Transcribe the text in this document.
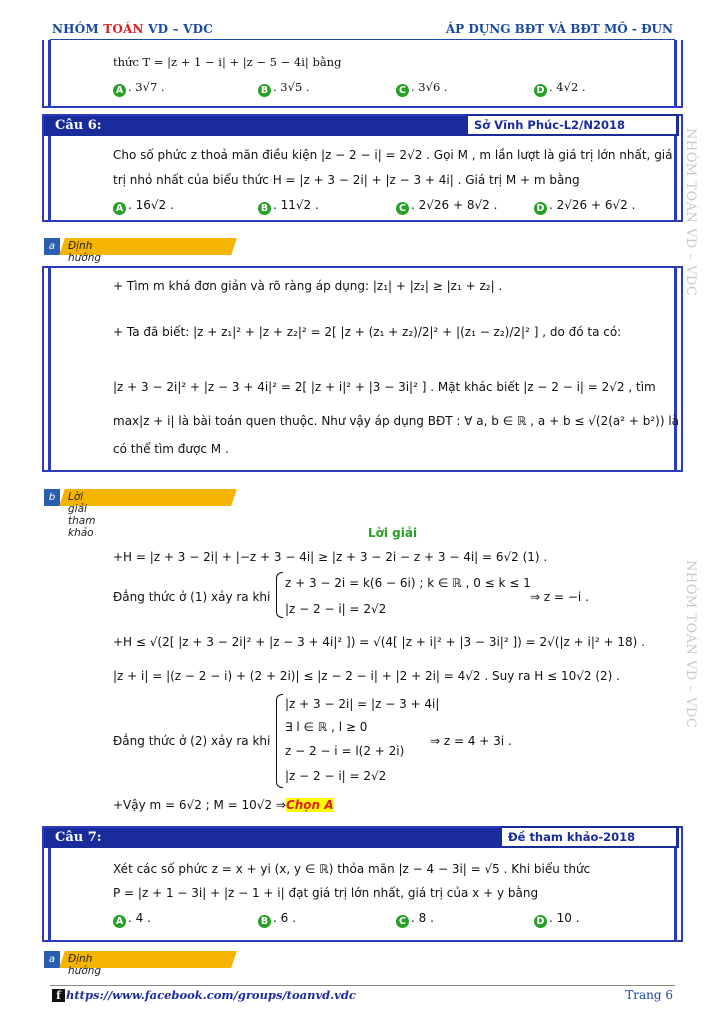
NHÓM TOÁN VD – VDC	ÁP DỤNG BĐT VÀ BĐT MÔ - ĐUN
NHÓM TOÁN VD – VDC
NHÓM TOÁN VD – VDC
thức T = |z + 1 − i| + |z − 5 − 4i| bằng
A . 3√7 .	B . 3√5 .	C . 3√6 .	D . 4√2 .
Câu 6:	Sở Vĩnh Phúc-L2/N2018
Cho số phức z thoả mãn điều kiện |z − 2 − i| = 2√2 . Gọi M , m lần lượt là giá trị lớn nhất, giá
trị nhỏ nhất của biểu thức H = |z + 3 − 2i| + |z − 3 + 4i| . Giá trị M + m bằng
A . 16√2 .	B . 11√2 .	C . 2√26 + 8√2 .	D . 2√26 + 6√2 .
a	Định hướng
+ Tìm m khá đơn giản và rõ ràng áp dụng: |z₁| + |z₂| ≥ |z₁ + z₂| .
+ Ta đã biết: |z + z₁|² + |z + z₂|² = 2[ |z + (z₁ + z₂)/2|² + |(z₁ − z₂)/2|² ] , do đó ta có:
|z + 3 − 2i|² + |z − 3 + 4i|² = 2[ |z + i|² + |3 − 3i|² ] . Mặt khác biết |z − 2 − i| = 2√2 , tìm
max|z + i| là bài toán quen thuộc. Như vậy áp dụng BĐT : ∀ a, b ∈ ℝ , a + b ≤ √(2(a² + b²)) là
có thể tìm được M .
b	Lời giải tham khảo	Lời giải
+H = |z + 3 − 2i| + |−z + 3 − 4i| ≥ |z + 3 − 2i − z + 3 − 4i| = 6√2 (1) .
Đẳng thức ở (1) xảy ra khi
z + 3 − 2i = k(6 − 6i) ; k ∈ ℝ , 0 ≤ k ≤ 1
|z − 2 − i| = 2√2
⇒ z = −i .
+H ≤ √(2[ |z + 3 − 2i|² + |z − 3 + 4i|² ]) = √(4[ |z + i|² + |3 − 3i|² ]) = 2√(|z + i|² + 18) .
|z + i| = |(z − 2 − i) + (2 + 2i)| ≤ |z − 2 − i| + |2 + 2i| = 4√2 . Suy ra H ≤ 10√2 (2) .
Đẳng thức ở (2) xảy ra khi
|z + 3 − 2i| = |z − 3 + 4i|
∃ l ∈ ℝ , l ≥ 0
z − 2 − i = l(2 + 2i)
|z − 2 − i| = 2√2
⇒ z = 4 + 3i .
+Vậy m = 6√2 ; M = 10√2 ⇒Chọn A
Câu 7:	Đề tham khảo-2018
Xét các số phức z = x + yi (x, y ∈ ℝ) thỏa mãn |z − 4 − 3i| = √5 . Khi biểu thức
P = |z + 1 − 3i| + |z − 1 + i| đạt giá trị lớn nhất, giá trị của x + y bằng
A . 4 .	B . 6 .	C . 8 .	D . 10 .
a	Định hướng
f https://www.facebook.com/groups/toanvd.vdc	Trang 6
